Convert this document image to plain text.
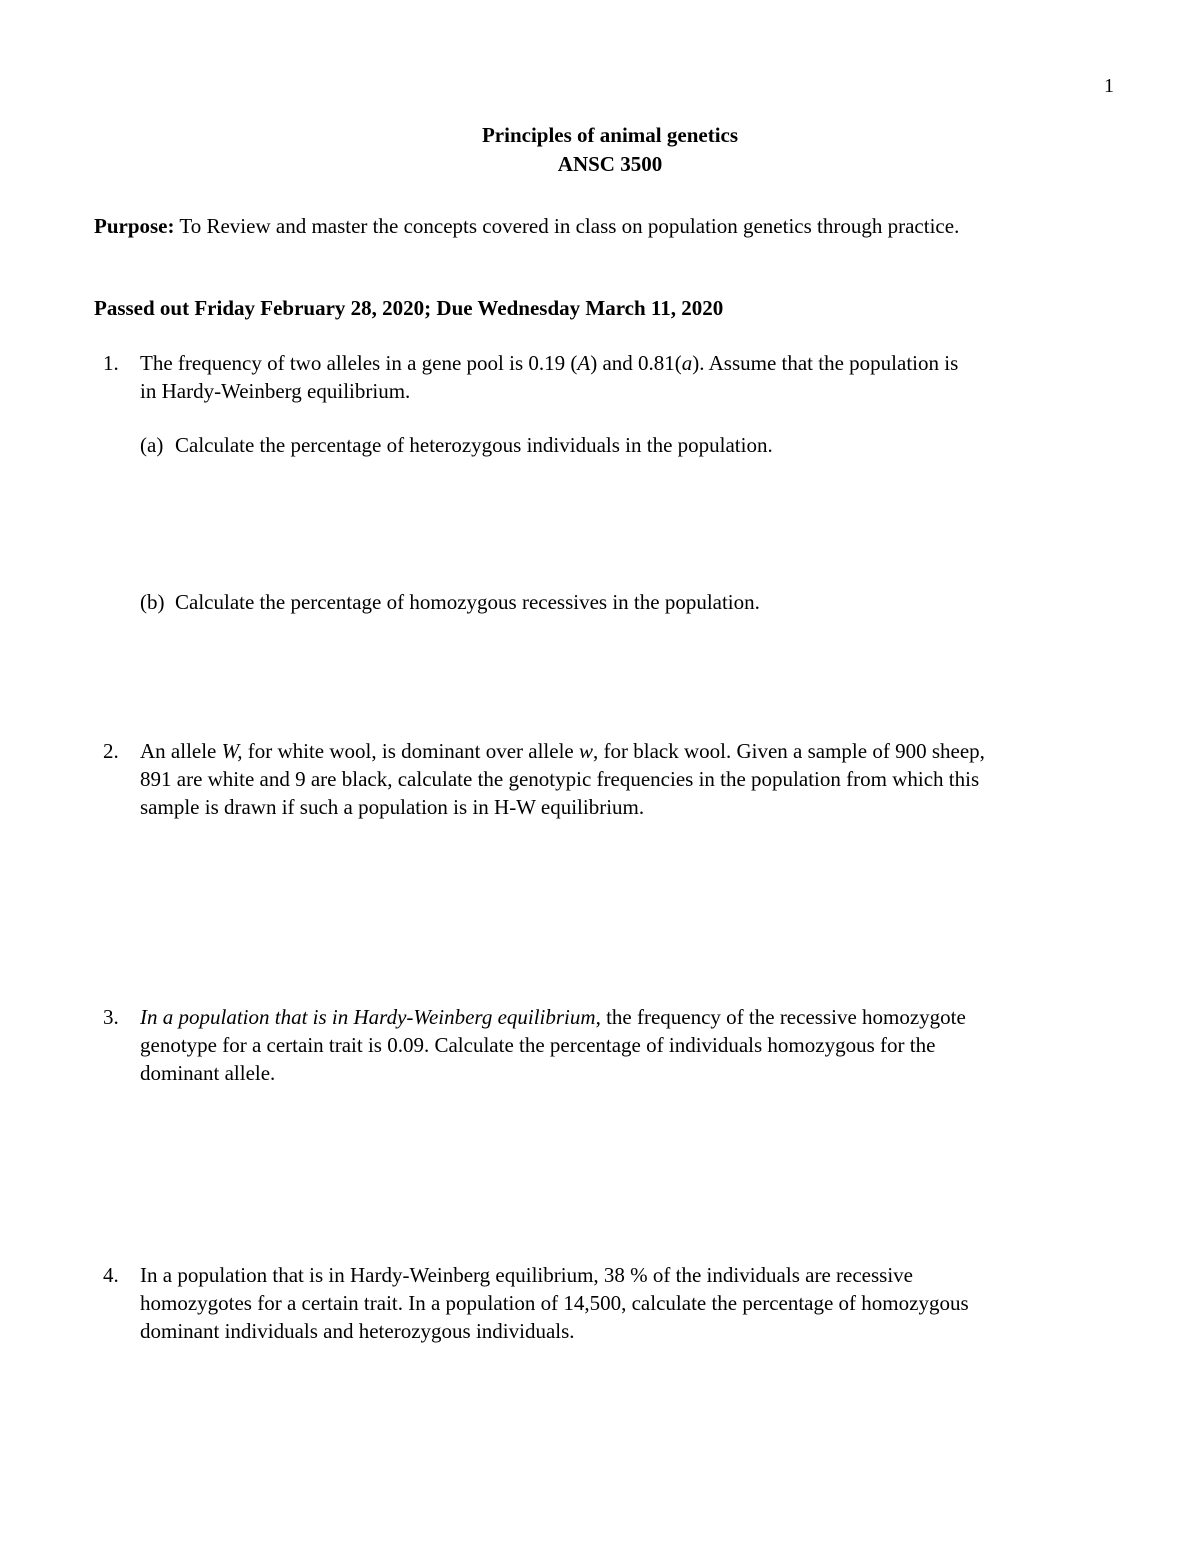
1
Principles of animal genetics
ANSC 3500
Purpose: To Review and master the concepts covered in class on population genetics through practice.
Passed out Friday February 28, 2020; Due Wednesday March 11, 2020
1. The frequency of two alleles in a gene pool is 0.19 (A) and 0.81(a). Assume that the population is
in Hardy-Weinberg equilibrium.
(a) Calculate the percentage of heterozygous individuals in the population.
(b) Calculate the percentage of homozygous recessives in the population.
2. An allele W, for white wool, is dominant over allele w, for black wool. Given a sample of 900 sheep,
891 are white and 9 are black, calculate the genotypic frequencies in the population from which this
sample is drawn if such a population is in H-W equilibrium.
3. In a population that is in Hardy-Weinberg equilibrium, the frequency of the recessive homozygote
genotype for a certain trait is 0.09. Calculate the percentage of individuals homozygous for the
dominant allele.
4. In a population that is in Hardy-Weinberg equilibrium, 38 % of the individuals are recessive
homozygotes for a certain trait. In a population of 14,500, calculate the percentage of homozygous
dominant individuals and heterozygous individuals.
